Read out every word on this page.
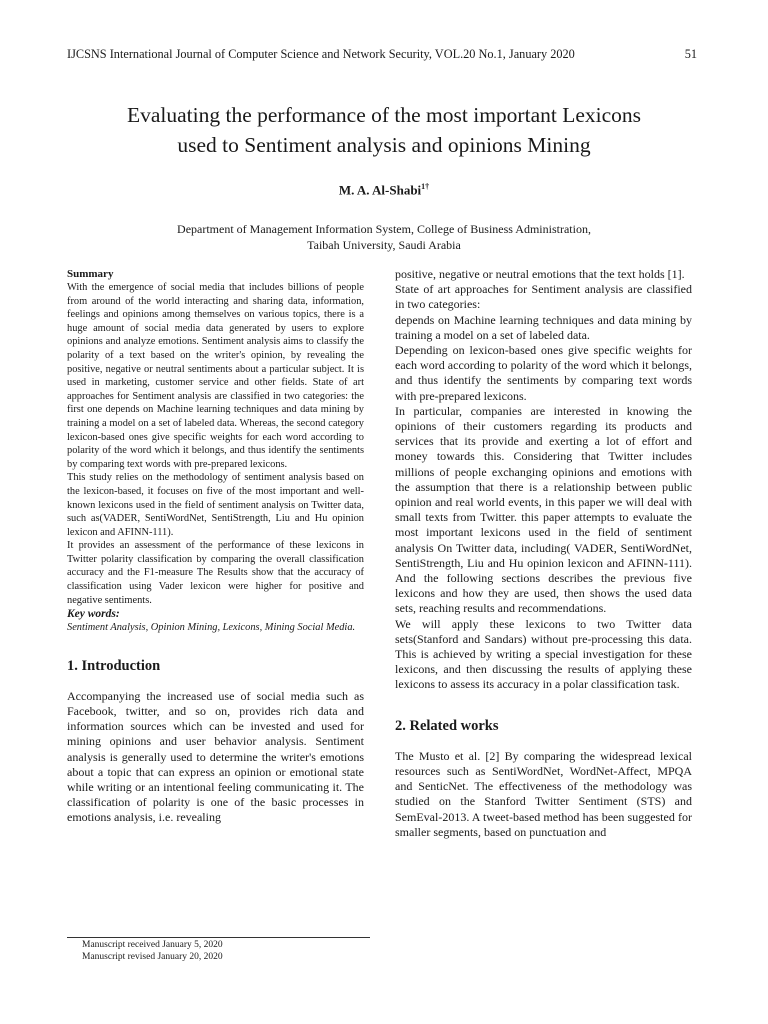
IJCSNS International Journal of Computer Science and Network Security, VOL.20 No.1, January 2020	51
Evaluating the performance of the most important Lexicons
used to Sentiment analysis and opinions Mining
M. A. Al-Shabi$^{1\dagger}$
Department of Management Information System, College of Business Administration,
Taibah University, Saudi Arabia
Summary

With the emergence of social media that includes billions of people from around of the world interacting and sharing data, information, feelings and opinions among themselves on various topics, there is a huge amount of social media data generated by users to explore opinions and analyze emotions. Sentiment analysis aims to classify the polarity of a text based on the writer's opinion, by revealing the positive, negative or neutral sentiments about a particular subject. It is used in marketing, customer service and other fields. State of art approaches for Sentiment analysis are classified in two categories: the first one depends on Machine learning techniques and data mining by training a model on a set of labeled data. Whereas, the second category lexicon-based ones give specific weights for each word according to polarity of the word which it belongs, and thus identify the sentiments by comparing text words with pre-prepared lexicons.

This study relies on the methodology of sentiment analysis based on the lexicon-based, it focuses on five of the most important and well-known lexicons used in the field of sentiment analysis on Twitter data, such as(VADER, SentiWordNet, SentiStrength, Liu and Hu opinion lexicon and AFINN-111).

It provides an assessment of the performance of these lexicons in Twitter polarity classification by comparing the overall classification accuracy and the F1-measure The Results show that the accuracy of classification using Vader lexicon were higher for positive and negative sentiments.

Key words:

Sentiment Analysis, Opinion Mining, Lexicons, Mining Social Media.

1. Introduction

Accompanying the increased use of social media such as Facebook, twitter, and so on, provides rich data and information sources which can be invested and used for mining opinions and user behavior analysis. Sentiment analysis is generally used to determine the writer's emotions about a topic that can express an opinion or emotional state while writing or an intentional feeling communicating it. The classification of polarity is one of the basic processes in emotions analysis, i.e. revealing

positive, negative or neutral emotions that the text holds [1].

State of art approaches for Sentiment analysis are classified in two categories:

depends on Machine learning techniques and data mining by training a model on a set of labeled data.

Depending on lexicon-based ones give specific weights for each word according to polarity of the word which it belongs, and thus identify the sentiments by comparing text words with pre-prepared lexicons.

In particular, companies are interested in knowing the opinions of their customers regarding its products and services that its provide and exerting a lot of effort and money towards this. Considering that Twitter includes millions of people exchanging opinions and emotions with the assumption that there is a relationship between public opinion and real world events, in this paper we will deal with small texts from Twitter. this paper attempts to evaluate the most important lexicons used in the field of sentiment analysis On Twitter data, including( VADER, SentiWordNet, SentiStrength, Liu and Hu opinion lexicon and AFINN-111). And the following sections describes the previous five lexicons and how they are used, then shows the used data sets, reaching results and recommendations.

We will apply these lexicons to two Twitter data sets(Stanford and Sandars) without pre-processing this data. This is achieved by writing a special investigation for these lexicons, and then discussing the results of applying these lexicons to assess its accuracy in a polar classification task.

2. Related works

The Musto et al. [2] By comparing the widespread lexical resources such as SentiWordNet, WordNet-Affect, MPQA and SenticNet. The effectiveness of the methodology was studied on the Stanford Twitter Sentiment (STS) and SemEval-2013. A tweet-based method has been suggested for smaller segments, based on punctuation and

Manuscript received January 5, 2020
Manuscript revised January 20, 2020
